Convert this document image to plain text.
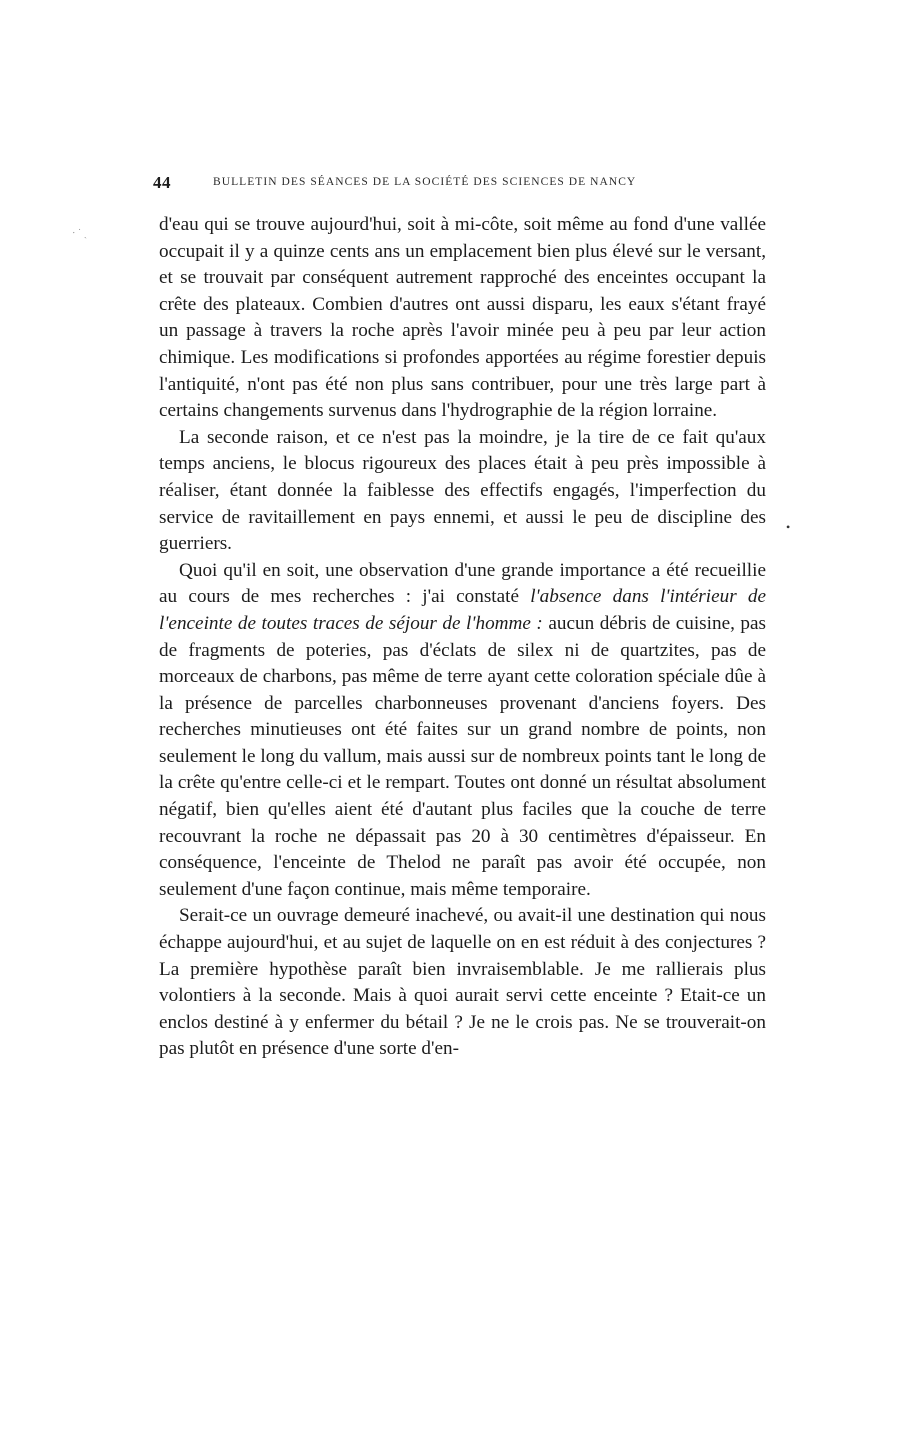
44	BULLETIN DES SÉANCES DE LA SOCIÉTÉ DES SCIENCES DE NANCY

d'eau qui se trouve aujourd'hui, soit à mi-côte, soit même au fond d'une vallée occupait il y a quinze cents ans un emplacement bien plus élevé sur le versant, et se trouvait par conséquent autrement rapproché des enceintes occupant la crête des plateaux. Combien d'autres ont aussi disparu, les eaux s'étant frayé un passage à travers la roche après l'avoir minée peu à peu par leur action chimique. Les modifications si profondes apportées au régime forestier depuis l'antiquité, n'ont pas été non plus sans contribuer, pour une très large part à certains changements survenus dans l'hydrographie de la région lorraine.

La seconde raison, et ce n'est pas la moindre, je la tire de ce fait qu'aux temps anciens, le blocus rigoureux des places était à peu près impossible à réaliser, étant donnée la faiblesse des effectifs engagés, l'imperfection du service de ravitaillement en pays ennemi, et aussi le peu de discipline des guerriers.

Quoi qu'il en soit, une observation d'une grande importance a été recueillie au cours de mes recherches : j'ai constaté l'absence dans l'intérieur de l'enceinte de toutes traces de séjour de l'homme : aucun débris de cuisine, pas de fragments de poteries, pas d'éclats de silex ni de quartzites, pas de morceaux de charbons, pas même de terre ayant cette coloration spéciale dûe à la présence de parcelles charbonneuses provenant d'anciens foyers. Des recherches minutieuses ont été faites sur un grand nombre de points, non seulement le long du vallum, mais aussi sur de nombreux points tant le long de la crête qu'entre celle-ci et le rempart. Toutes ont donné un résultat absolument négatif, bien qu'elles aient été d'autant plus faciles que la couche de terre recouvrant la roche ne dépassait pas 20 à 30 centimètres d'épaisseur. En conséquence, l'enceinte de Thelod ne paraît pas avoir été occupée, non seulement d'une façon continue, mais même temporaire.

Serait-ce un ouvrage demeuré inachevé, ou avait-il une destination qui nous échappe aujourd'hui, et au sujet de laquelle on en est réduit à des conjectures ? La première hypothèse paraît bien invraisemblable. Je me rallierais plus volontiers à la seconde. Mais à quoi aurait servi cette enceinte ? Etait-ce un enclos destiné à y enfermer du bétail ? Je ne le crois pas. Ne se trouverait-on pas plutôt en présence d'une sorte d'en-

⋅ ˙ ˎ
•
